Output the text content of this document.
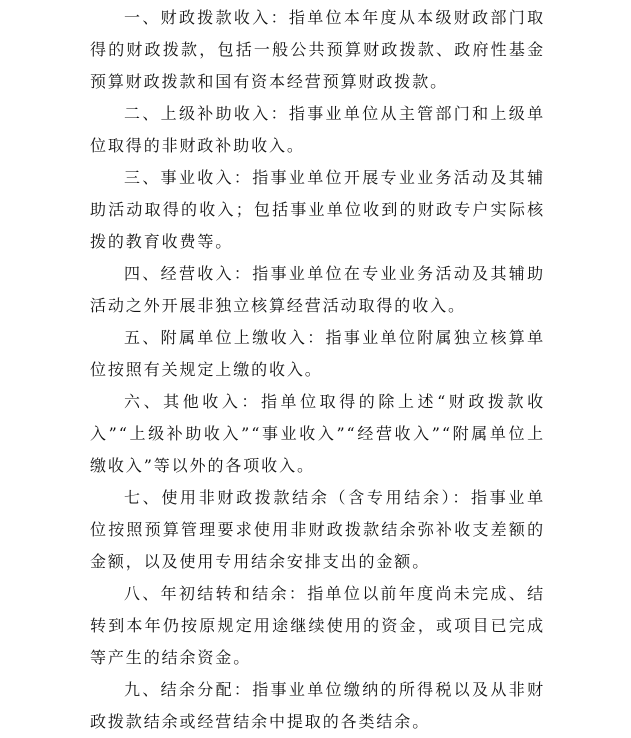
一、财政拨款收入：指单位本年度从本级财政部门取得的财政拨款，包括一般公共预算财政拨款、政府性基金预算财政拨款和国有资本经营预算财政拨款。

二、上级补助收入：指事业单位从主管部门和上级单位取得的非财政补助收入。

三、事业收入：指事业单位开展专业业务活动及其辅助活动取得的收入；包括事业单位收到的财政专户实际核拨的教育收费等。

四、经营收入：指事业单位在专业业务活动及其辅助活动之外开展非独立核算经营活动取得的收入。

五、附属单位上缴收入：指事业单位附属独立核算单位按照有关规定上缴的收入。

六、其他收入：指单位取得的除上述“财政拨款收入”“上级补助收入”“事业收入”“经营收入”“附属单位上缴收入”等以外的各项收入。

七、使用非财政拨款结余（含专用结余）：指事业单位按照预算管理要求使用非财政拨款结余弥补收支差额的金额，以及使用专用结余安排支出的金额。

八、年初结转和结余：指单位以前年度尚未完成、结转到本年仍按原规定用途继续使用的资金，或项目已完成等产生的结余资金。

九、结余分配：指事业单位缴纳的所得税以及从非财政拨款结余或经营结余中提取的各类结余。
